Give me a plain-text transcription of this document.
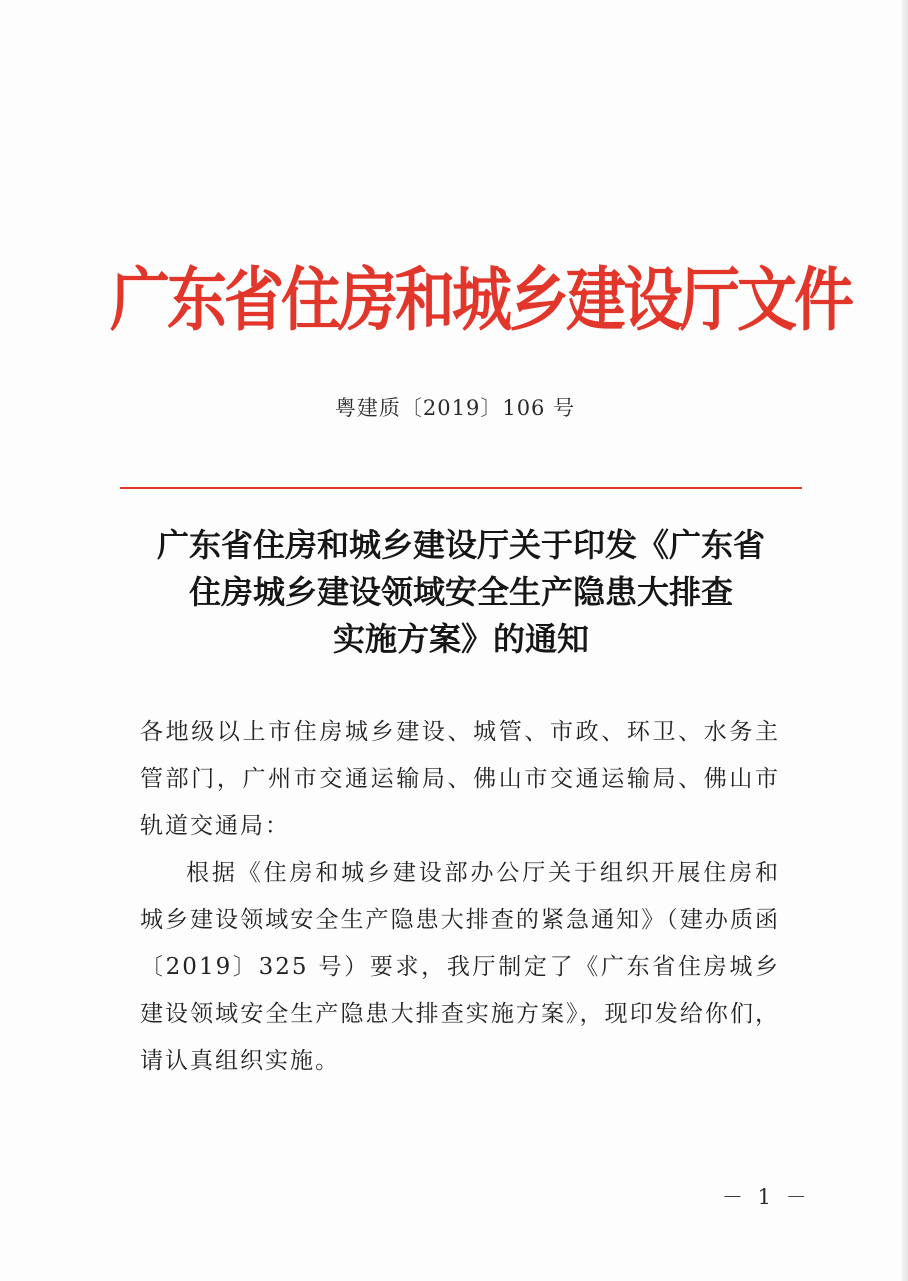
广东省住房和城乡建设厅文件
粤建质〔2019〕106 号
广东省住房和城乡建设厅关于印发《广东省
住房城乡建设领域安全生产隐患大排查
实施方案》的通知

各地级以上市住房城乡建设、城管、市政、环卫、水务主管部门，广州市交通运输局、佛山市交通运输局、佛山市轨道交通局：

根据《住房和城乡建设部办公厅关于组织开展住房和城乡建设领域安全生产隐患大排查的紧急通知》（建办质函〔2019〕325 号）要求，我厅制定了《广东省住房城乡建设领域安全生产隐患大排查实施方案》，现印发给你们，请认真组织实施。

－ 1 －
